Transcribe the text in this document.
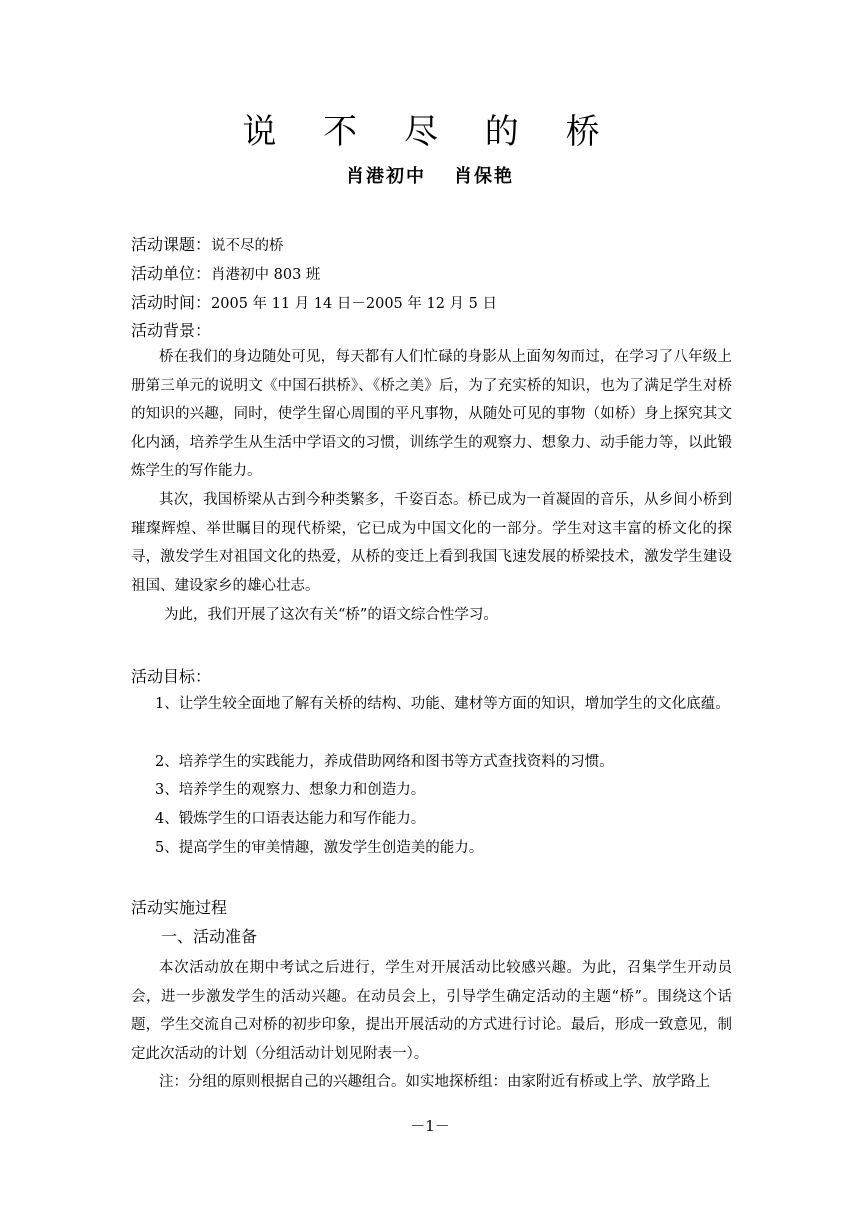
说 不 尽 的 桥
肖港初中 肖保艳
活动课题：说不尽的桥
活动单位：肖港初中 803 班
活动时间：2005 年 11 月 14 日－2005 年 12 月 5 日
活动背景：
桥在我们的身边随处可见，每天都有人们忙碌的身影从上面匆匆而过，在学习了八年级上册第三单元的说明文《中国石拱桥》、《桥之美》后，为了充实桥的知识，也为了满足学生对桥的知识的兴趣，同时，使学生留心周围的平凡事物，从随处可见的事物（如桥）身上探究其文化内涵，培养学生从生活中学语文的习惯，训练学生的观察力、想象力、动手能力等，以此锻炼学生的写作能力。
其次，我国桥梁从古到今种类繁多，千姿百态。桥已成为一首凝固的音乐，从乡间小桥到璀璨辉煌、举世瞩目的现代桥梁，它已成为中国文化的一部分。学生对这丰富的桥文化的探寻，激发学生对祖国文化的热爱，从桥的变迁上看到我国飞速发展的桥梁技术，激发学生建设祖国、建设家乡的雄心壮志。
为此，我们开展了这次有关“桥”的语文综合性学习。
活动目标：
1、让学生较全面地了解有关桥的结构、功能、建材等方面的知识，增加学生的文化底蕴。
2、培养学生的实践能力，养成借助网络和图书等方式查找资料的习惯。
3、培养学生的观察力、想象力和创造力。
4、锻炼学生的口语表达能力和写作能力。
5、提高学生的审美情趣，激发学生创造美的能力。
活动实施过程
一、活动准备
本次活动放在期中考试之后进行，学生对开展活动比较感兴趣。为此，召集学生开动员会，进一步激发学生的活动兴趣。在动员会上，引导学生确定活动的主题“桥”。围绕这个话题，学生交流自己对桥的初步印象，提出开展活动的方式进行讨论。最后，形成一致意见，制定此次活动的计划（分组活动计划见附表一）。
注：分组的原则根据自己的兴趣组合。如实地探桥组：由家附近有桥或上学、放学路上
－1－
